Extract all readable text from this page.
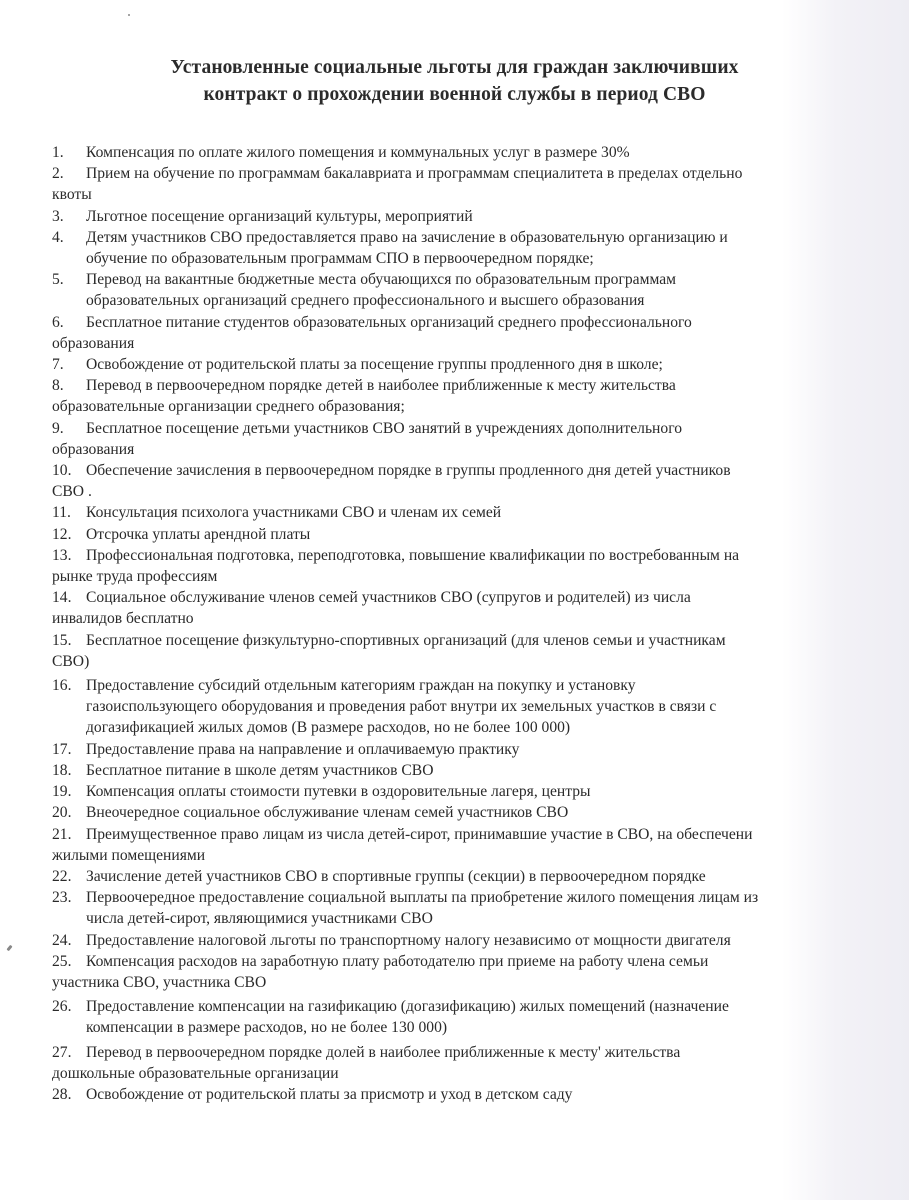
Установленные социальные льготы для граждан заключивших
контракт о прохождении военной службы в период СВО
1. Компенсация по оплате жилого помещения и коммунальных услуг в размере 30%
2. Прием на обучение по программам бакалавриата и программам специалитета в пределах отдельно
квоты
3. Льготное посещение организаций культуры, мероприятий
4. Детям участников СВО предоставляется право на зачисление в образовательную организацию и
обучение по образовательным программам СПО в первоочередном порядке;
5. Перевод на вакантные бюджетные места обучающихся по образовательным программам
образовательных организаций среднего профессионального и высшего образования
6. Бесплатное питание студентов образовательных организаций среднего профессионального
образования
7. Освобождение от родительской платы за посещение группы продленного дня в школе;
8. Перевод в первоочередном порядке детей в наиболее приближенные к месту жительства
образовательные организации среднего образования;
9. Бесплатное посещение детьми участников СВО занятий в учреждениях дополнительного
образования
10. Обеспечение зачисления в первоочередном порядке в группы продленного дня детей участников
СВО .
11. Консультация психолога участниками СВО и членам их семей
12. Отсрочка уплаты арендной платы
13. Профессиональная подготовка, переподготовка, повышение квалификации по востребованным на
рынке труда профессиям
14. Социальное обслуживание членов семей участников СВО (супругов и родителей) из числа
инвалидов бесплатно
15. Бесплатное посещение физкультурно-спортивных организаций (для членов семьи и участникам
СВО)
16. Предоставление субсидий отдельным категориям граждан на покупку и установку
газоиспользующего оборудования и проведения работ внутри их земельных участков в связи с
догазификацией жилых домов (В размере расходов, но не более 100 000)
17. Предоставление права на направление и оплачиваемую практику
18. Бесплатное питание в школе детям участников СВО
19. Компенсация оплаты стоимости путевки в оздоровительные лагеря, центры
20. Внеочередное социальное обслуживание членам семей участников СВО
21. Преимущественное право лицам из числа детей-сирот, принимавшие участие в СВО, на обеспечени
жилыми помещениями
22. Зачисление детей участников СВО в спортивные группы (секции) в первоочередном порядке
23. Первоочередное предоставление социальной выплаты па приобретение жилого помещения лицам из
числа детей-сирот, являющимися участниками СВО
24. Предоставление налоговой льготы по транспортному налогу независимо от мощности двигателя
25. Компенсация расходов на заработную плату работодателю при приеме на работу члена семьи
участника СВО, участника СВО
26. Предоставление компенсации на газификацию (догазификацию) жилых помещений (назначение
компенсации в размере расходов, но не более 130 000)
27. Перевод в первоочередном порядке долей в наиболее приближенные к месту' жительства
дошкольные образовательные организации
28. Освобождение от родительской платы за присмотр и уход в детском саду
